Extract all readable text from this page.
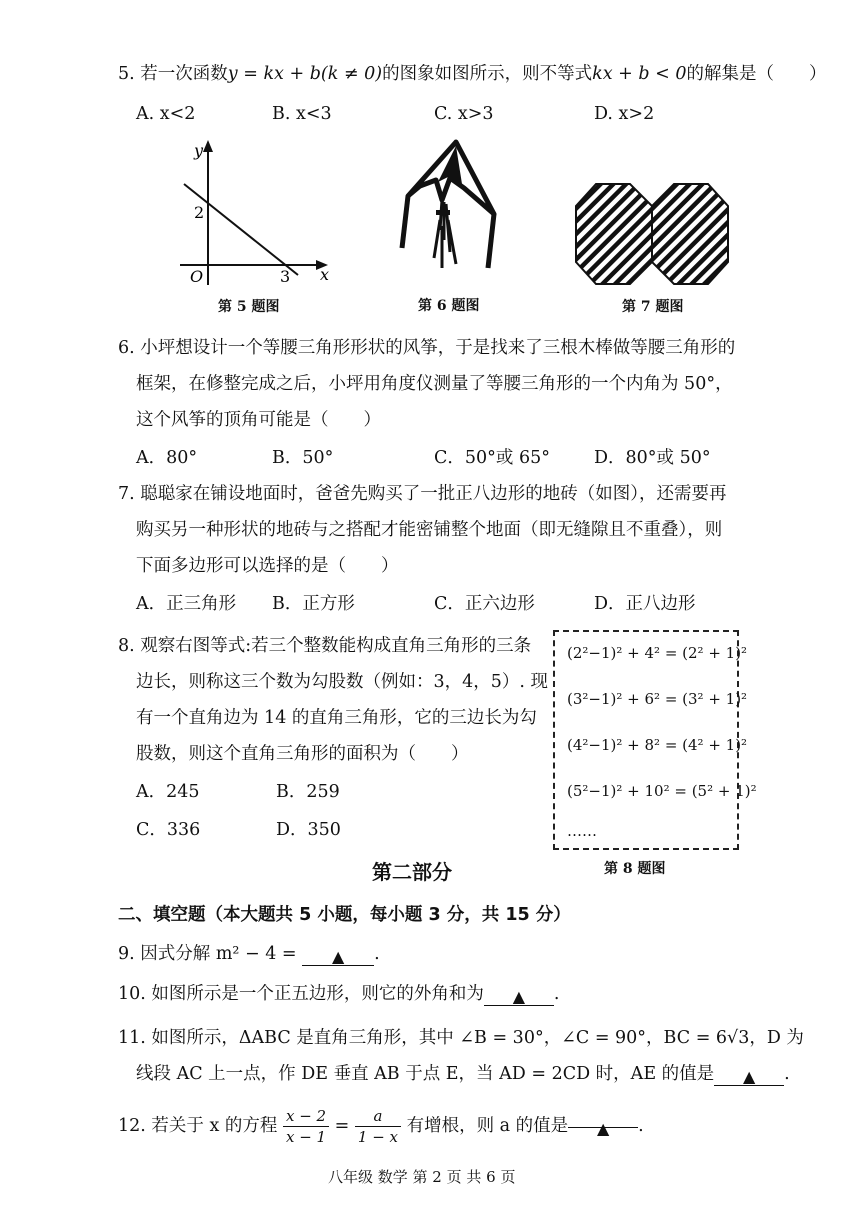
5. 若一次函数y = kx + b(k ≠ 0)的图象如图所示，则不等式kx + b < 0的解集是（　　）
A. x<2	B. x<3	C. x>3	D. x>2
y
x
O
2
3
第 5 题图	第 6 题图	第 7 题图
6. 小坪想设计一个等腰三角形形状的风筝，于是找来了三根木棒做等腰三角形的
框架，在修整完成之后，小坪用角度仪测量了等腰三角形的一个内角为 50°，
这个风筝的顶角可能是（　　）
A．80°	B．50°	C．50°或 65°	D．80°或 50°
7. 聪聪家在铺设地面时，爸爸先购买了一批正八边形的地砖（如图），还需要再
购买另一种形状的地砖与之搭配才能密铺整个地面（即无缝隙且不重叠），则
下面多边形可以选择的是（　　）
A．正三角形 B．正方形	C．正六边形	D．正八边形
8. 观察右图等式:若三个整数能构成直角三角形的三条
边长，则称这三个数为勾股数（例如：3，4，5）. 现
有一个直角边为 14 的直角三角形，它的三边长为勾
股数，则这个直角三角形的面积为（　　）
A．245	B．259
C．336	D．350
(2²−1)² + 4² = (2² + 1)²
(3²−1)² + 6² = (3² + 1)²
(4²−1)² + 8² = (4² + 1)²
(5²−1)² + 10² = (5² + 1)²
……
第 8 题图
第二部分
二、填空题（本大题共 5 小题，每小题 3 分，共 15 分）
9. 因式分解 m² − 4 = ▲ .
10. 如图所示是一个正五边形，则它的外角和为 ▲ .
11. 如图所示，ΔABC 是直角三角形，其中 ∠B = 30°，∠C = 90°，BC = 6√3，D 为
线段 AC 上一点，作 DE 垂直 AB 于点 E，当 AD = 2CD 时，AE 的值是 ▲ .
12. 若关于 x 的方程 $\frac{x - 2}{x - 1} = \frac{a}{1 - x}$ 有增根，则 a 的值是 ▲ .
八年级 数学 第 2 页 共 6 页
